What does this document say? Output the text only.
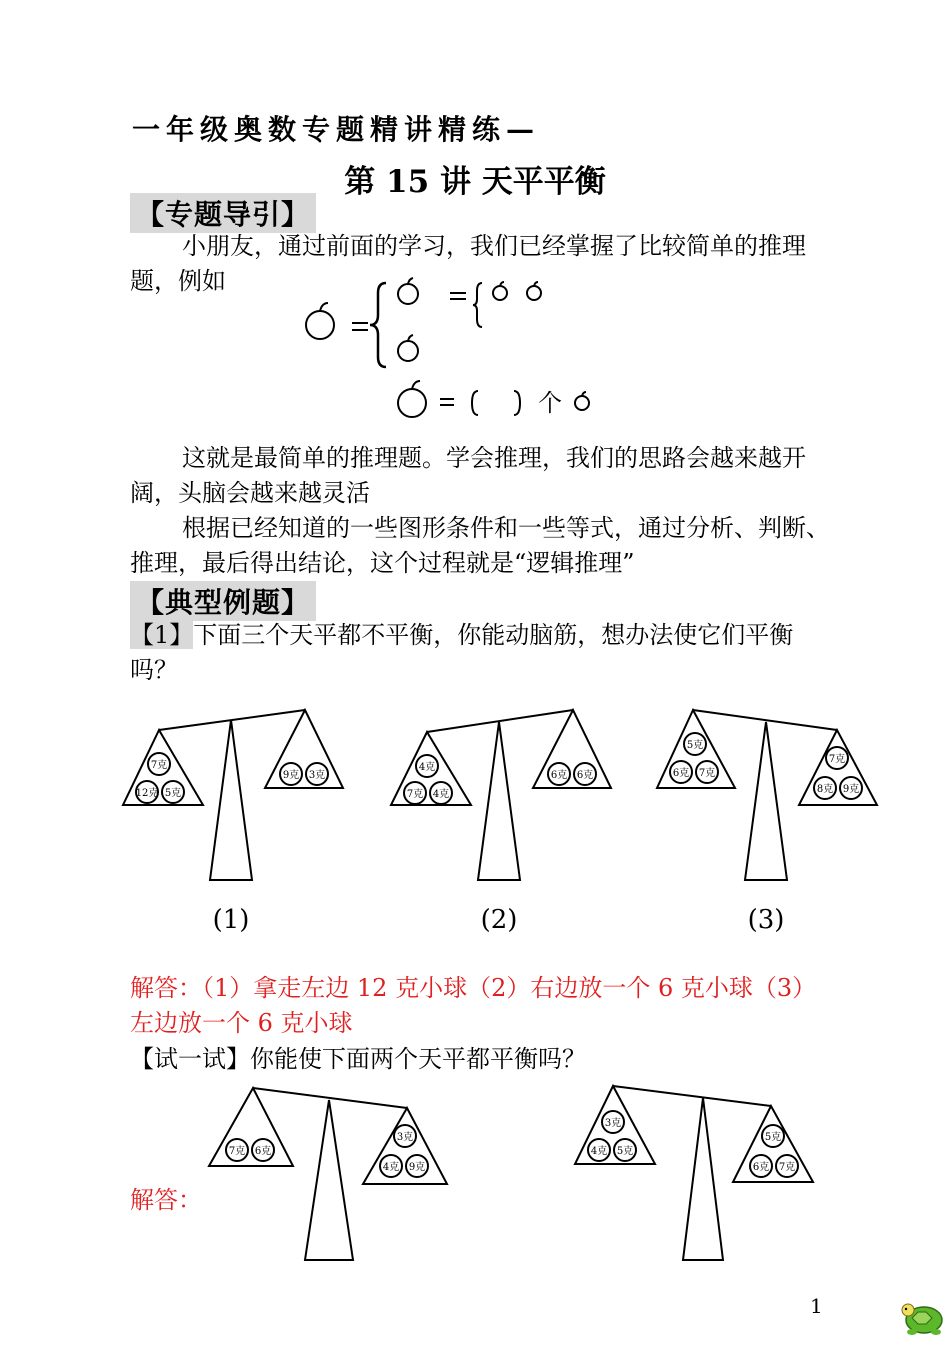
一年级奥数专题精讲精练—
第 15 讲 天平平衡
【专题导引】
小朋友，通过前面的学习，我们已经掌握了比较简单的推理题，例如
个
这就是最简单的推理题。学会推理，我们的思路会越来越开阔，头脑会越来越灵活
根据已经知道的一些图形条件和一些等式，通过分析、判断、推理，最后得出结论，这个过程就是“逻辑推理”
【典型例题】
【1】下面三个天平都不平衡，你能动脑筋，想办法使它们平衡吗？
7克
12克 5克
9克 3克
4克
7克 4克
6克 6克
5克
6克 7克
7克
8克 9克
(1)	(2)	(3)
解答：（1）拿走左边 12 克小球（2）右边放一个 6 克小球（3）左边放一个 6 克小球
【试一试】你能使下面两个天平都平衡吗？
7克 6克
3克
4克 9克
3克
4克 5克
5克
6克 7克
解答：
1
